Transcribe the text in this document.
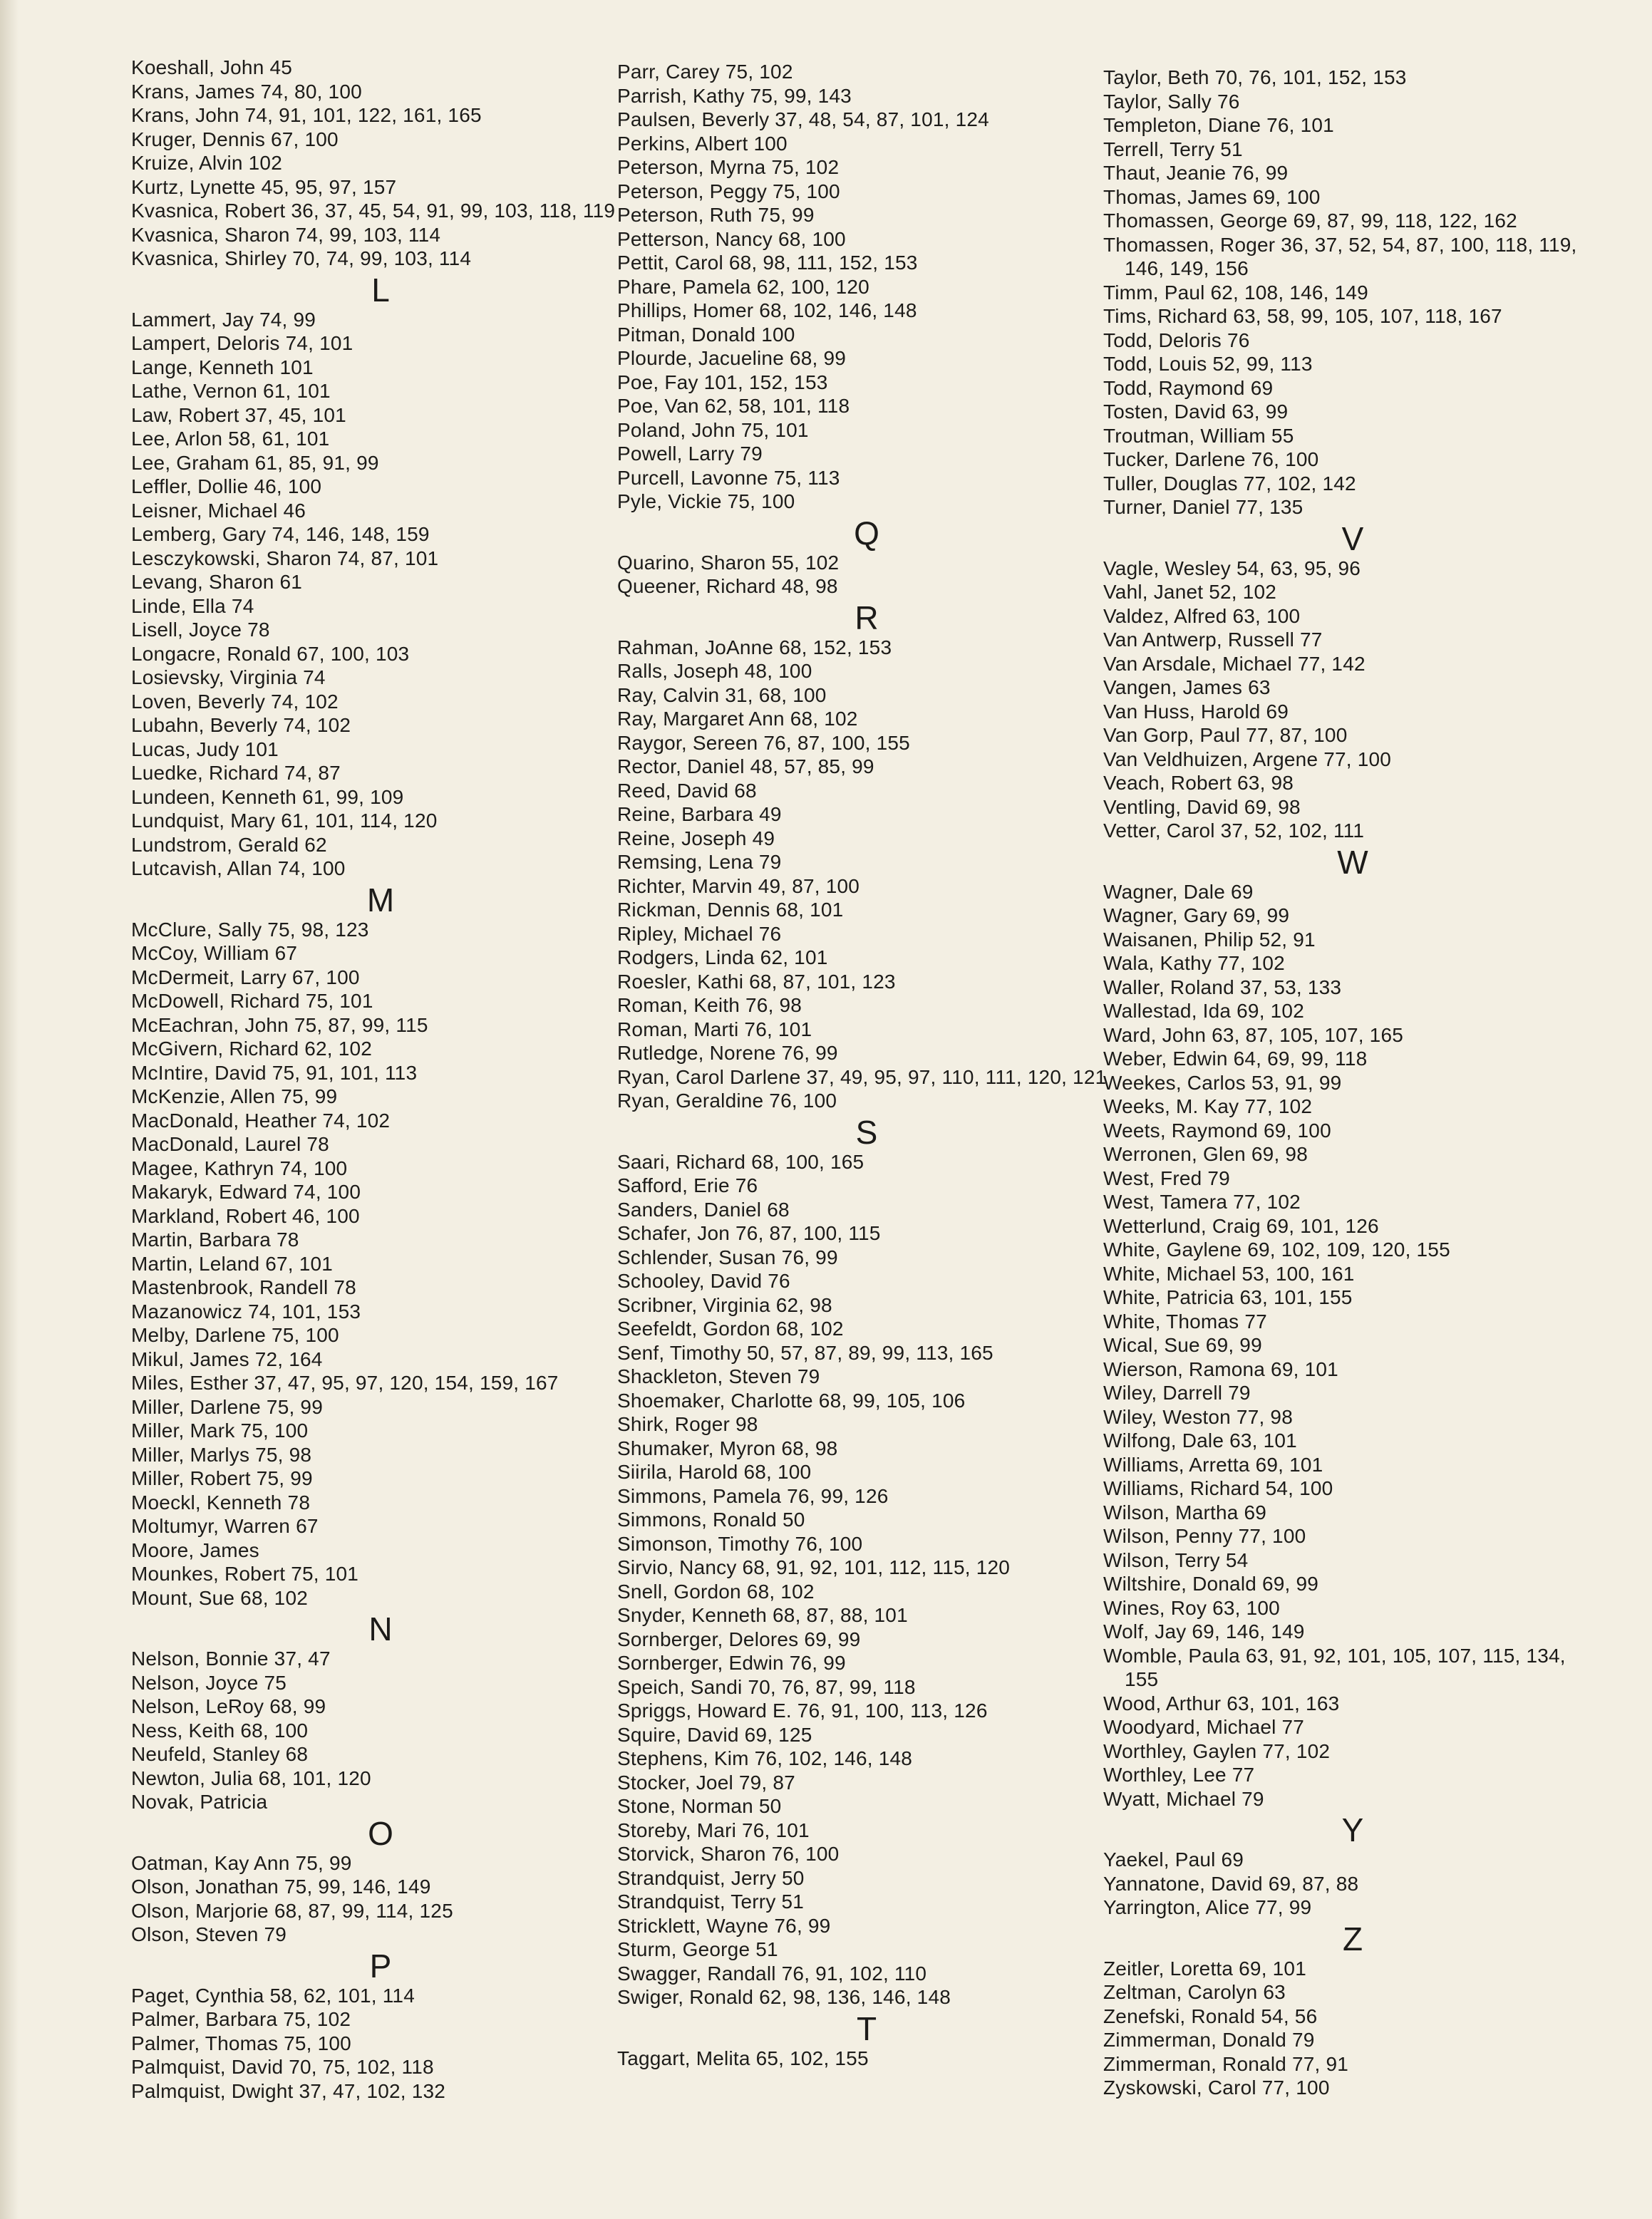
Koeshall, John 45
Krans, James 74, 80, 100
Krans, John 74, 91, 101, 122, 161, 165
Kruger, Dennis 67, 100
Kruize, Alvin 102
Kurtz, Lynette 45, 95, 97, 157
Kvasnica, Robert 36, 37, 45, 54, 91, 99, 103, 118, 119
Kvasnica, Sharon 74, 99, 103, 114
Kvasnica, Shirley 70, 74, 99, 103, 114
L
Lammert, Jay 74, 99
Lampert, Deloris 74, 101
Lange, Kenneth 101
Lathe, Vernon 61, 101
Law, Robert 37, 45, 101
Lee, Arlon 58, 61, 101
Lee, Graham 61, 85, 91, 99
Leffler, Dollie 46, 100
Leisner, Michael 46
Lemberg, Gary 74, 146, 148, 159
Lesczykowski, Sharon 74, 87, 101
Levang, Sharon 61
Linde, Ella 74
Lisell, Joyce 78
Longacre, Ronald 67, 100, 103
Losievsky, Virginia 74
Loven, Beverly 74, 102
Lubahn, Beverly 74, 102
Lucas, Judy 101
Luedke, Richard 74, 87
Lundeen, Kenneth 61, 99, 109
Lundquist, Mary 61, 101, 114, 120
Lundstrom, Gerald 62
Lutcavish, Allan 74, 100
M
McClure, Sally 75, 98, 123
McCoy, William 67
McDermeit, Larry 67, 100
McDowell, Richard 75, 101
McEachran, John 75, 87, 99, 115
McGivern, Richard 62, 102
McIntire, David 75, 91, 101, 113
McKenzie, Allen 75, 99
MacDonald, Heather 74, 102
MacDonald, Laurel 78
Magee, Kathryn 74, 100
Makaryk, Edward 74, 100
Markland, Robert 46, 100
Martin, Barbara 78
Martin, Leland 67, 101
Mastenbrook, Randell 78
Mazanowicz 74, 101, 153
Melby, Darlene 75, 100
Mikul, James 72, 164
Miles, Esther 37, 47, 95, 97, 120, 154, 159, 167
Miller, Darlene 75, 99
Miller, Mark 75, 100
Miller, Marlys 75, 98
Miller, Robert 75, 99
Moeckl, Kenneth 78
Moltumyr, Warren 67
Moore, James
Mounkes, Robert 75, 101
Mount, Sue 68, 102
N
Nelson, Bonnie 37, 47
Nelson, Joyce 75
Nelson, LeRoy 68, 99
Ness, Keith 68, 100
Neufeld, Stanley 68
Newton, Julia 68, 101, 120
Novak, Patricia
O
Oatman, Kay Ann 75, 99
Olson, Jonathan 75, 99, 146, 149
Olson, Marjorie 68, 87, 99, 114, 125
Olson, Steven 79
P
Paget, Cynthia 58, 62, 101, 114
Palmer, Barbara 75, 102
Palmer, Thomas 75, 100
Palmquist, David 70, 75, 102, 118
Palmquist, Dwight 37, 47, 102, 132
Parr, Carey 75, 102
Parrish, Kathy 75, 99, 143
Paulsen, Beverly 37, 48, 54, 87, 101, 124
Perkins, Albert 100
Peterson, Myrna 75, 102
Peterson, Peggy 75, 100
Peterson, Ruth 75, 99
Petterson, Nancy 68, 100
Pettit, Carol 68, 98, 111, 152, 153
Phare, Pamela 62, 100, 120
Phillips, Homer 68, 102, 146, 148
Pitman, Donald 100
Plourde, Jacueline 68, 99
Poe, Fay 101, 152, 153
Poe, Van 62, 58, 101, 118
Poland, John 75, 101
Powell, Larry 79
Purcell, Lavonne 75, 113
Pyle, Vickie 75, 100
Q
Quarino, Sharon 55, 102
Queener, Richard 48, 98
R
Rahman, JoAnne 68, 152, 153
Ralls, Joseph 48, 100
Ray, Calvin 31, 68, 100
Ray, Margaret Ann 68, 102
Raygor, Sereen 76, 87, 100, 155
Rector, Daniel 48, 57, 85, 99
Reed, David 68
Reine, Barbara 49
Reine, Joseph 49
Remsing, Lena 79
Richter, Marvin 49, 87, 100
Rickman, Dennis 68, 101
Ripley, Michael 76
Rodgers, Linda 62, 101
Roesler, Kathi 68, 87, 101, 123
Roman, Keith 76, 98
Roman, Marti 76, 101
Rutledge, Norene 76, 99
Ryan, Carol Darlene 37, 49, 95, 97, 110, 111, 120, 121
Ryan, Geraldine 76, 100
S
Saari, Richard 68, 100, 165
Safford, Erie 76
Sanders, Daniel 68
Schafer, Jon 76, 87, 100, 115
Schlender, Susan 76, 99
Schooley, David 76
Scribner, Virginia 62, 98
Seefeldt, Gordon 68, 102
Senf, Timothy 50, 57, 87, 89, 99, 113, 165
Shackleton, Steven 79
Shoemaker, Charlotte 68, 99, 105, 106
Shirk, Roger 98
Shumaker, Myron 68, 98
Siirila, Harold 68, 100
Simmons, Pamela 76, 99, 126
Simmons, Ronald 50
Simonson, Timothy 76, 100
Sirvio, Nancy 68, 91, 92, 101, 112, 115, 120
Snell, Gordon 68, 102
Snyder, Kenneth 68, 87, 88, 101
Sornberger, Delores 69, 99
Sornberger, Edwin 76, 99
Speich, Sandi 70, 76, 87, 99, 118
Spriggs, Howard E. 76, 91, 100, 113, 126
Squire, David 69, 125
Stephens, Kim 76, 102, 146, 148
Stocker, Joel 79, 87
Stone, Norman 50
Storeby, Mari 76, 101
Storvick, Sharon 76, 100
Strandquist, Jerry 50
Strandquist, Terry 51
Stricklett, Wayne 76, 99
Sturm, George 51
Swagger, Randall 76, 91, 102, 110
Swiger, Ronald 62, 98, 136, 146, 148
T
Taggart, Melita 65, 102, 155
Taylor, Beth 70, 76, 101, 152, 153
Taylor, Sally 76
Templeton, Diane 76, 101
Terrell, Terry 51
Thaut, Jeanie 76, 99
Thomas, James 69, 100
Thomassen, George 69, 87, 99, 118, 122, 162
Thomassen, Roger 36, 37, 52, 54, 87, 100, 118, 119, 146, 149, 156
Timm, Paul 62, 108, 146, 149
Tims, Richard 63, 58, 99, 105, 107, 118, 167
Todd, Deloris 76
Todd, Louis 52, 99, 113
Todd, Raymond 69
Tosten, David 63, 99
Troutman, William 55
Tucker, Darlene 76, 100
Tuller, Douglas 77, 102, 142
Turner, Daniel 77, 135
V
Vagle, Wesley 54, 63, 95, 96
Vahl, Janet 52, 102
Valdez, Alfred 63, 100
Van Antwerp, Russell 77
Van Arsdale, Michael 77, 142
Vangen, James 63
Van Huss, Harold 69
Van Gorp, Paul 77, 87, 100
Van Veldhuizen, Argene 77, 100
Veach, Robert 63, 98
Ventling, David 69, 98
Vetter, Carol 37, 52, 102, 111
W
Wagner, Dale 69
Wagner, Gary 69, 99
Waisanen, Philip 52, 91
Wala, Kathy 77, 102
Waller, Roland 37, 53, 133
Wallestad, Ida 69, 102
Ward, John 63, 87, 105, 107, 165
Weber, Edwin 64, 69, 99, 118
Weekes, Carlos 53, 91, 99
Weeks, M. Kay 77, 102
Weets, Raymond 69, 100
Werronen, Glen 69, 98
West, Fred 79
West, Tamera 77, 102
Wetterlund, Craig 69, 101, 126
White, Gaylene 69, 102, 109, 120, 155
White, Michael 53, 100, 161
White, Patricia 63, 101, 155
White, Thomas 77
Wical, Sue 69, 99
Wierson, Ramona 69, 101
Wiley, Darrell 79
Wiley, Weston 77, 98
Wilfong, Dale 63, 101
Williams, Arretta 69, 101
Williams, Richard 54, 100
Wilson, Martha 69
Wilson, Penny 77, 100
Wilson, Terry 54
Wiltshire, Donald 69, 99
Wines, Roy 63, 100
Wolf, Jay 69, 146, 149
Womble, Paula 63, 91, 92, 101, 105, 107, 115, 134, 155
Wood, Arthur 63, 101, 163
Woodyard, Michael 77
Worthley, Gaylen 77, 102
Worthley, Lee 77
Wyatt, Michael 79
Y
Yaekel, Paul 69
Yannatone, David 69, 87, 88
Yarrington, Alice 77, 99
Z
Zeitler, Loretta 69, 101
Zeltman, Carolyn 63
Zenefski, Ronald 54, 56
Zimmerman, Donald 79
Zimmerman, Ronald 77, 91
Zyskowski, Carol 77, 100
